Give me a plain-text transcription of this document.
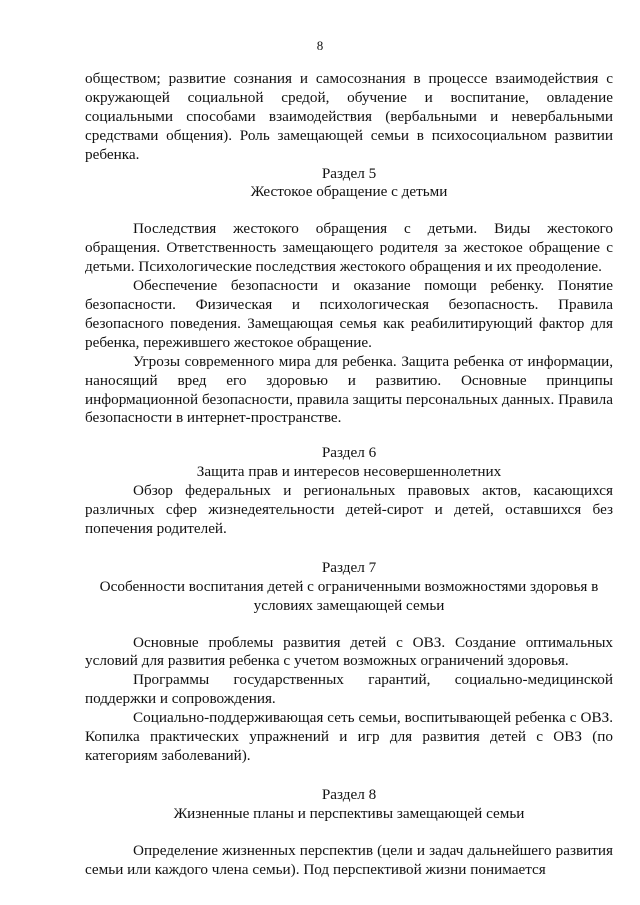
8

обществом; развитие сознания и самосознания в процессе взаимодействия с окружающей социальной средой, обучение и воспитание, овладение социальными способами взаимодействия (вербальными и невербальными средствами общения). Роль замещающей семьи в психосоциальном развитии ребенка.

Раздел 5

Жестокое обращение с детьми

Последствия жестокого обращения с детьми. Виды жестокого обращения. Ответственность замещающего родителя за жестокое обращение с детьми. Психологические последствия жестокого обращения и их преодоление.

Обеспечение безопасности и оказание помощи ребенку. Понятие безопасности. Физическая и психологическая безопасность. Правила безопасного поведения. Замещающая семья как реабилитирующий фактор для ребенка, пережившего жестокое обращение.

Угрозы современного мира для ребенка. Защита ребенка от информации, наносящий вред его здоровью и развитию. Основные принципы информационной безопасности, правила защиты персональных данных. Правила безопасности в интернет-пространстве.

Раздел 6

Защита прав и интересов несовершеннолетних

Обзор федеральных и региональных правовых актов, касающихся различных сфер жизнедеятельности детей-сирот и детей, оставшихся без попечения родителей.

Раздел 7

Особенности воспитания детей с ограниченными возможностями здоровья в условиях замещающей семьи

Основные проблемы развития детей с ОВЗ. Создание оптимальных условий для развития ребенка с учетом возможных ограничений здоровья.

Программы государственных гарантий, социально-медицинской поддержки и сопровождения.

Социально-поддерживающая сеть семьи, воспитывающей ребенка с ОВЗ. Копилка практических упражнений и игр для развития детей с ОВЗ (по категориям заболеваний).

Раздел 8

Жизненные планы и перспективы замещающей семьи

Определение жизненных перспектив (цели и задач дальнейшего развития семьи или каждого члена семьи). Под перспективой жизни понимается
